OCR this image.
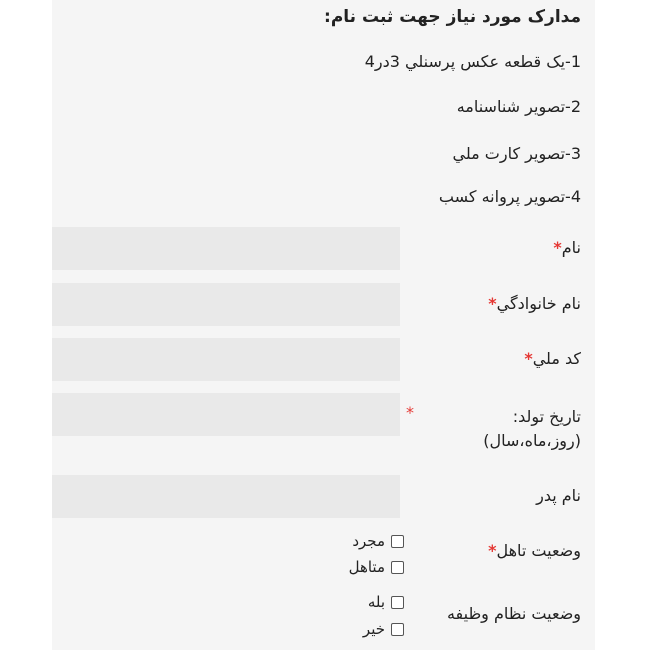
مدارک مورد نياز جهت ثبت نام:
1-يک قطعه عکس پرسنلي 3در4
2-تصوير شناسنامه
3-تصوير کارت ملي
4-تصوير پروانه کسب
نام*
نام خانوادگي*
کد ملي*
*	تاريخ تولد:
(روز،ماه،سال)
نام پدر
وضعيت تاهل*
مجرد
متاهل
وضعيت نظام وظيفه
بله
خير
